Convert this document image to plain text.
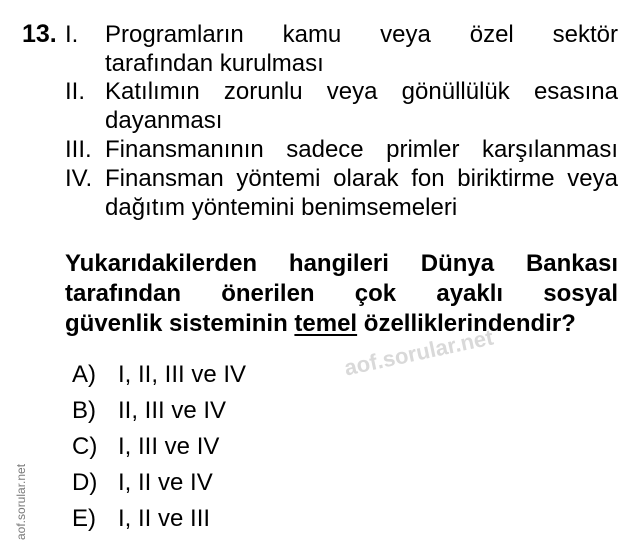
13. I. Programların kamu veya özel sektör
tarafından kurulması
II. Katılımın zorunlu veya gönüllülük esasına
dayanması
III. Finansmanının sadece primler karşılanması
IV. Finansman yöntemi olarak fon biriktirme veya
dağıtım yöntemini benimsemeleri
Yukarıdakilerden hangileri Dünya Bankası
tarafından önerilen çok ayaklı sosyal
güvenlik sisteminin temel özelliklerindendir?
aof.sorular.net
A) I, II, III ve IV
B) II, III ve IV
C) I, III ve IV
D) I, II ve IV
E) I, II ve III
aof.sorular.net
